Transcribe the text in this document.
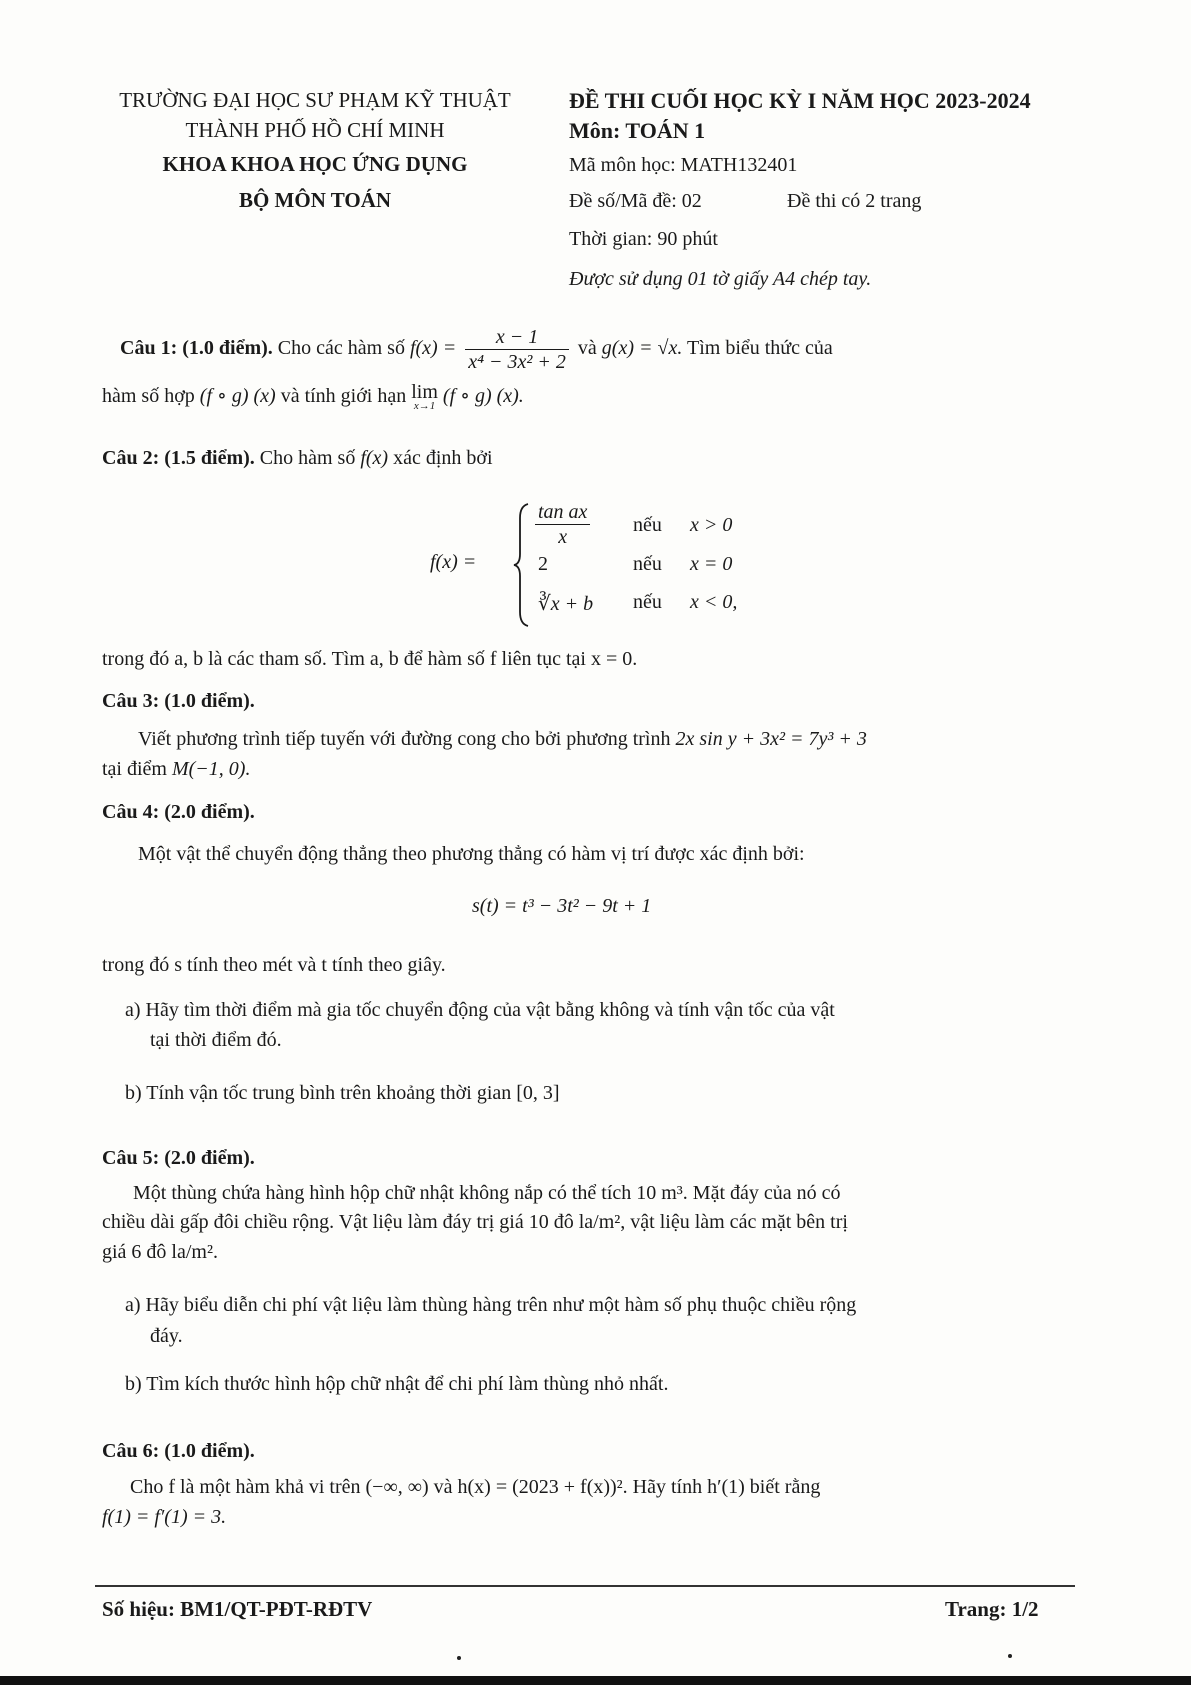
TRƯỜNG ĐẠI HỌC SƯ PHẠM KỸ THUẬT
THÀNH PHỐ HỒ CHÍ MINH
KHOA KHOA HỌC ỨNG DỤNG
BỘ MÔN TOÁN
ĐỀ THI CUỐI HỌC KỲ I NĂM HỌC 2023-2024
Môn: TOÁN 1
Mã môn học: MATH132401
Đề số/Mã đề: 02	Đề thi có 2 trang
Thời gian: 90 phút
Được sử dụng 01 tờ giấy A4 chép tay.
Câu 1: (1.0 điểm). Cho các hàm số $f(x) = \frac{x - 1}{\text{x⁴ − 3x² + 2}}$ và g(x) = √x. Tìm biểu thức của
hàm số hợp (f ∘ g) (x) và tính giới hạn lim
x→1 (f ∘ g) (x).
Câu 2: (1.5 điểm). Cho hàm số f(x) xác định bởi
f(x) =
$\frac{\text{tan ax}}{x}$
2
∛x + b
nếu
nếu
nếu
x > 0
x = 0
x < 0,
trong đó a, b là các tham số. Tìm a, b để hàm số f liên tục tại x = 0.
Câu 3: (1.0 điểm).
Viết phương trình tiếp tuyến với đường cong cho bởi phương trình 2x sin y + 3x² = 7y³ + 3
tại điểm M(−1, 0).
Câu 4: (2.0 điểm).
Một vật thể chuyển động thẳng theo phương thẳng có hàm vị trí được xác định bởi:
s(t) = t³ − 3t² − 9t + 1
trong đó s tính theo mét và t tính theo giây.
a) Hãy tìm thời điểm mà gia tốc chuyển động của vật bằng không và tính vận tốc của vật
tại thời điểm đó.
b) Tính vận tốc trung bình trên khoảng thời gian [0, 3]
Câu 5: (2.0 điểm).
Một thùng chứa hàng hình hộp chữ nhật không nắp có thể tích 10 m³. Mặt đáy của nó có
chiều dài gấp đôi chiều rộng. Vật liệu làm đáy trị giá 10 đô la/m², vật liệu làm các mặt bên trị
giá 6 đô la/m².
a) Hãy biểu diễn chi phí vật liệu làm thùng hàng trên như một hàm số phụ thuộc chiều rộng
đáy.
b) Tìm kích thước hình hộp chữ nhật để chi phí làm thùng nhỏ nhất.
Câu 6: (1.0 điểm).
Cho f là một hàm khả vi trên (−∞, ∞) và h(x) = (2023 + f(x))². Hãy tính h′(1) biết rằng
f(1) = f′(1) = 3.
Số hiệu: BM1/QT-PĐT-RĐTV	Trang: 1/2
